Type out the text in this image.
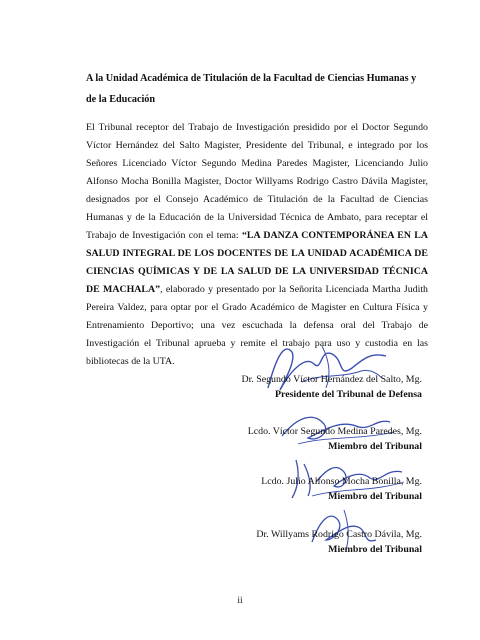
A la Unidad Académica de Titulación de la Facultad de Ciencias Humanas y de la Educación
El Tribunal receptor del Trabajo de Investigación presidido por el Doctor Segundo Víctor Hernández del Salto Magister, Presidente del Tribunal, e integrado por los Señores Licenciado Víctor Segundo Medina Paredes Magister, Licenciando Julio Alfonso Mocha Bonilla Magister, Doctor Willyams Rodrigo Castro Dávila Magister, designados por el Consejo Académico de Titulación de la Facultad de Ciencias Humanas y de la Educación de la Universidad Técnica de Ambato, para receptar el Trabajo de Investigación con el tema: “LA DANZA CONTEMPORÁNEA EN LA SALUD INTEGRAL DE LOS DOCENTES DE LA UNIDAD ACADÉMICA DE CIENCIAS QUÍMICAS Y DE LA SALUD DE LA UNIVERSIDAD TÉCNICA DE MACHALA”, elaborado y presentado por la Señorita Licenciada Martha Judith Pereira Valdez, para optar por el Grado Académico de Magister en Cultura Física y Entrenamiento Deportivo; una vez escuchada la defensa oral del Trabajo de Investigación el Tribunal aprueba y remite el trabajo para uso y custodia en las bibliotecas de la UTA.
Dr. Segundo Víctor Hernández del Salto, Mg.
Presidente del Tribunal de Defensa
Lcdo. Víctor Segundo Medina Paredes, Mg.
Miembro del Tribunal
Lcdo. Julio Alfonso Mocha Bonilla, Mg.
Miembro del Tribunal
Dr. Willyams Rodrigo Castro Dávila, Mg.
Miembro del Tribunal
ii
